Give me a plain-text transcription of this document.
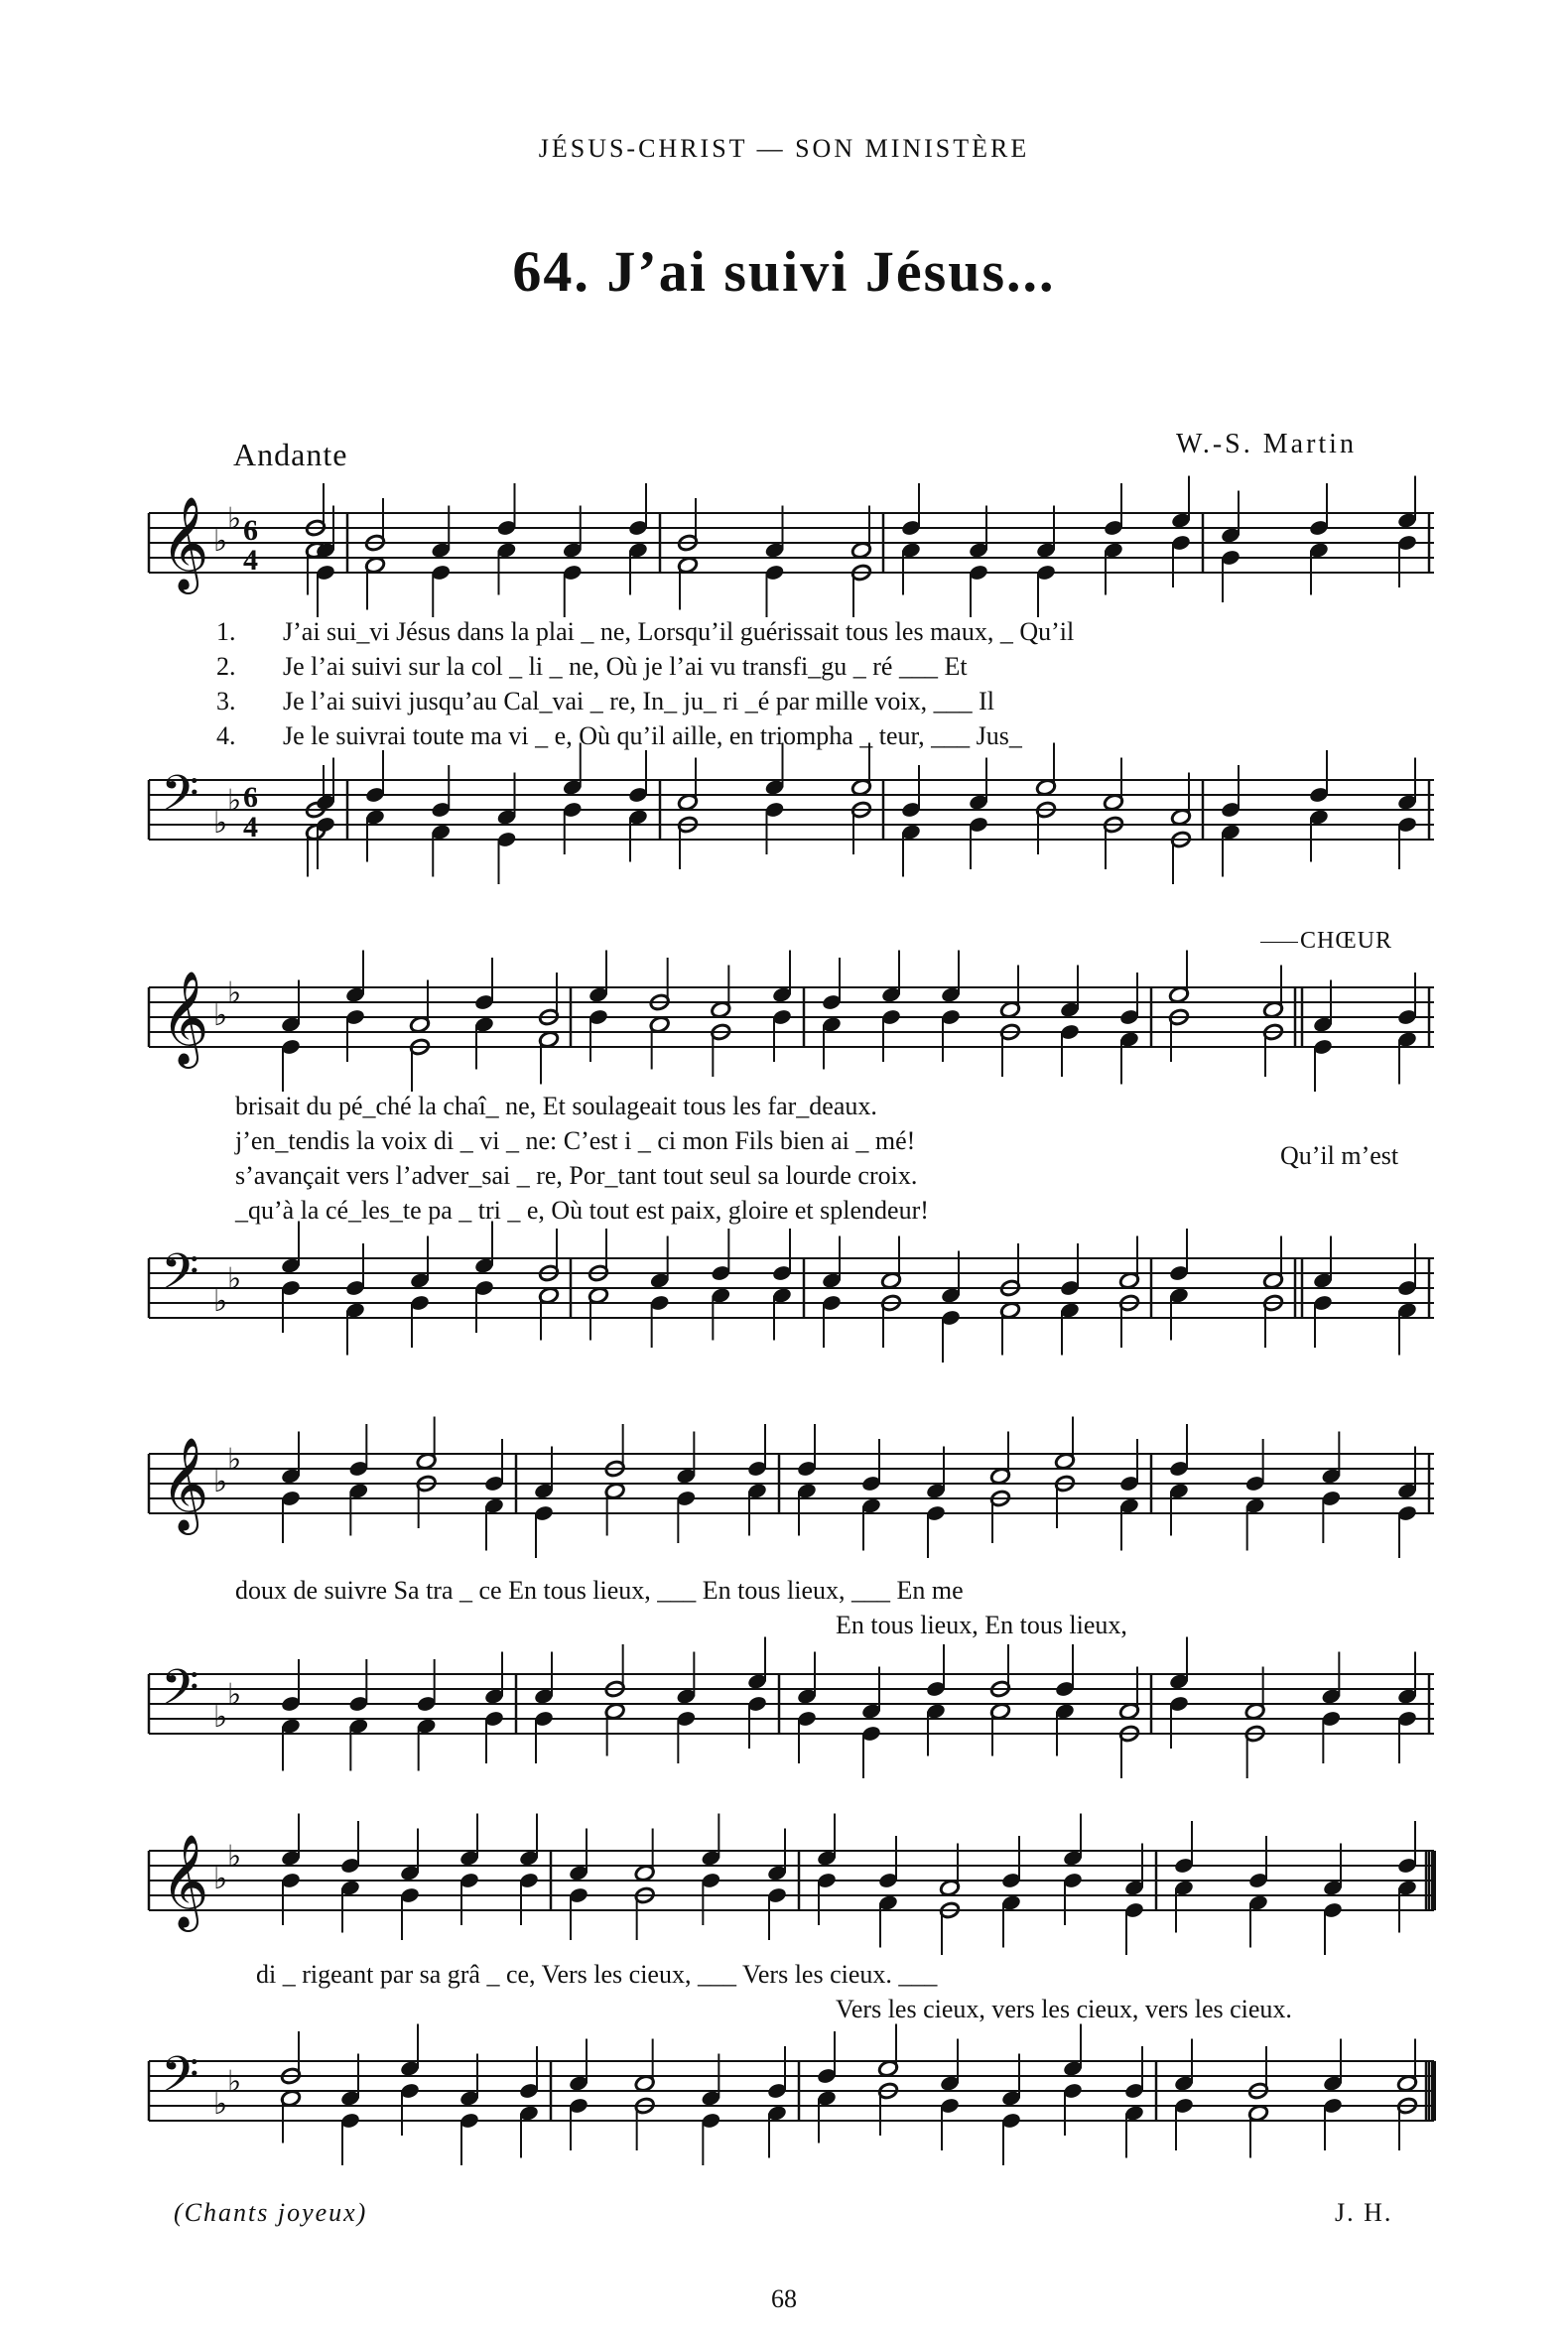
JÉSUS-CHRIST — SON MINISTÈRE
64. J’ai suivi Jésus...
Andante	W.-S. Martin
CHŒUR
𝄞 ♭
♭ 6
4
𝄢 ♭
♭ 6
4
𝄞 ♭
♭
𝄢 ♭
♭
𝄞 ♭
♭
𝄢 ♭
♭
𝄞 ♭
♭
𝄢 ♭
♭
1. J’ai sui_vi Jésus dans la plai _ ne, Lorsqu’il guérissait tous les maux, _ Qu’il
2. Je l’ai suivi sur la col _ li _ ne, Où je l’ai vu transfi_gu _ ré ___ Et
3. Je l’ai suivi jusqu’au Cal_vai _ re, In_ ju_ ri _é par mille voix, ___ Il
4. Je le suivrai toute ma vi _ e, Où qu’il aille, en triompha _ teur, ___ Jus_
brisait du pé_ché la chaî_ ne, Et soulageait tous les far_deaux.
j’en_tendis la voix di _ vi _ ne: C’est i _ ci mon Fils bien ai _ mé!
s’avançait vers l’adver_sai _ re, Por_tant tout seul sa lourde croix.
_qu’à la cé_les_te pa _ tri _ e, Où tout est paix, gloire et splendeur!
Qu’il m’est
doux de suivre Sa tra _ ce En tous lieux, ___ En tous lieux, ___ En me
En tous lieux, En tous lieux,
di _ rigeant par sa grâ _ ce, Vers les cieux, ___ Vers les cieux. ___
Vers les cieux, vers les cieux, vers les cieux.
(Chants joyeux)	J. H.
68
